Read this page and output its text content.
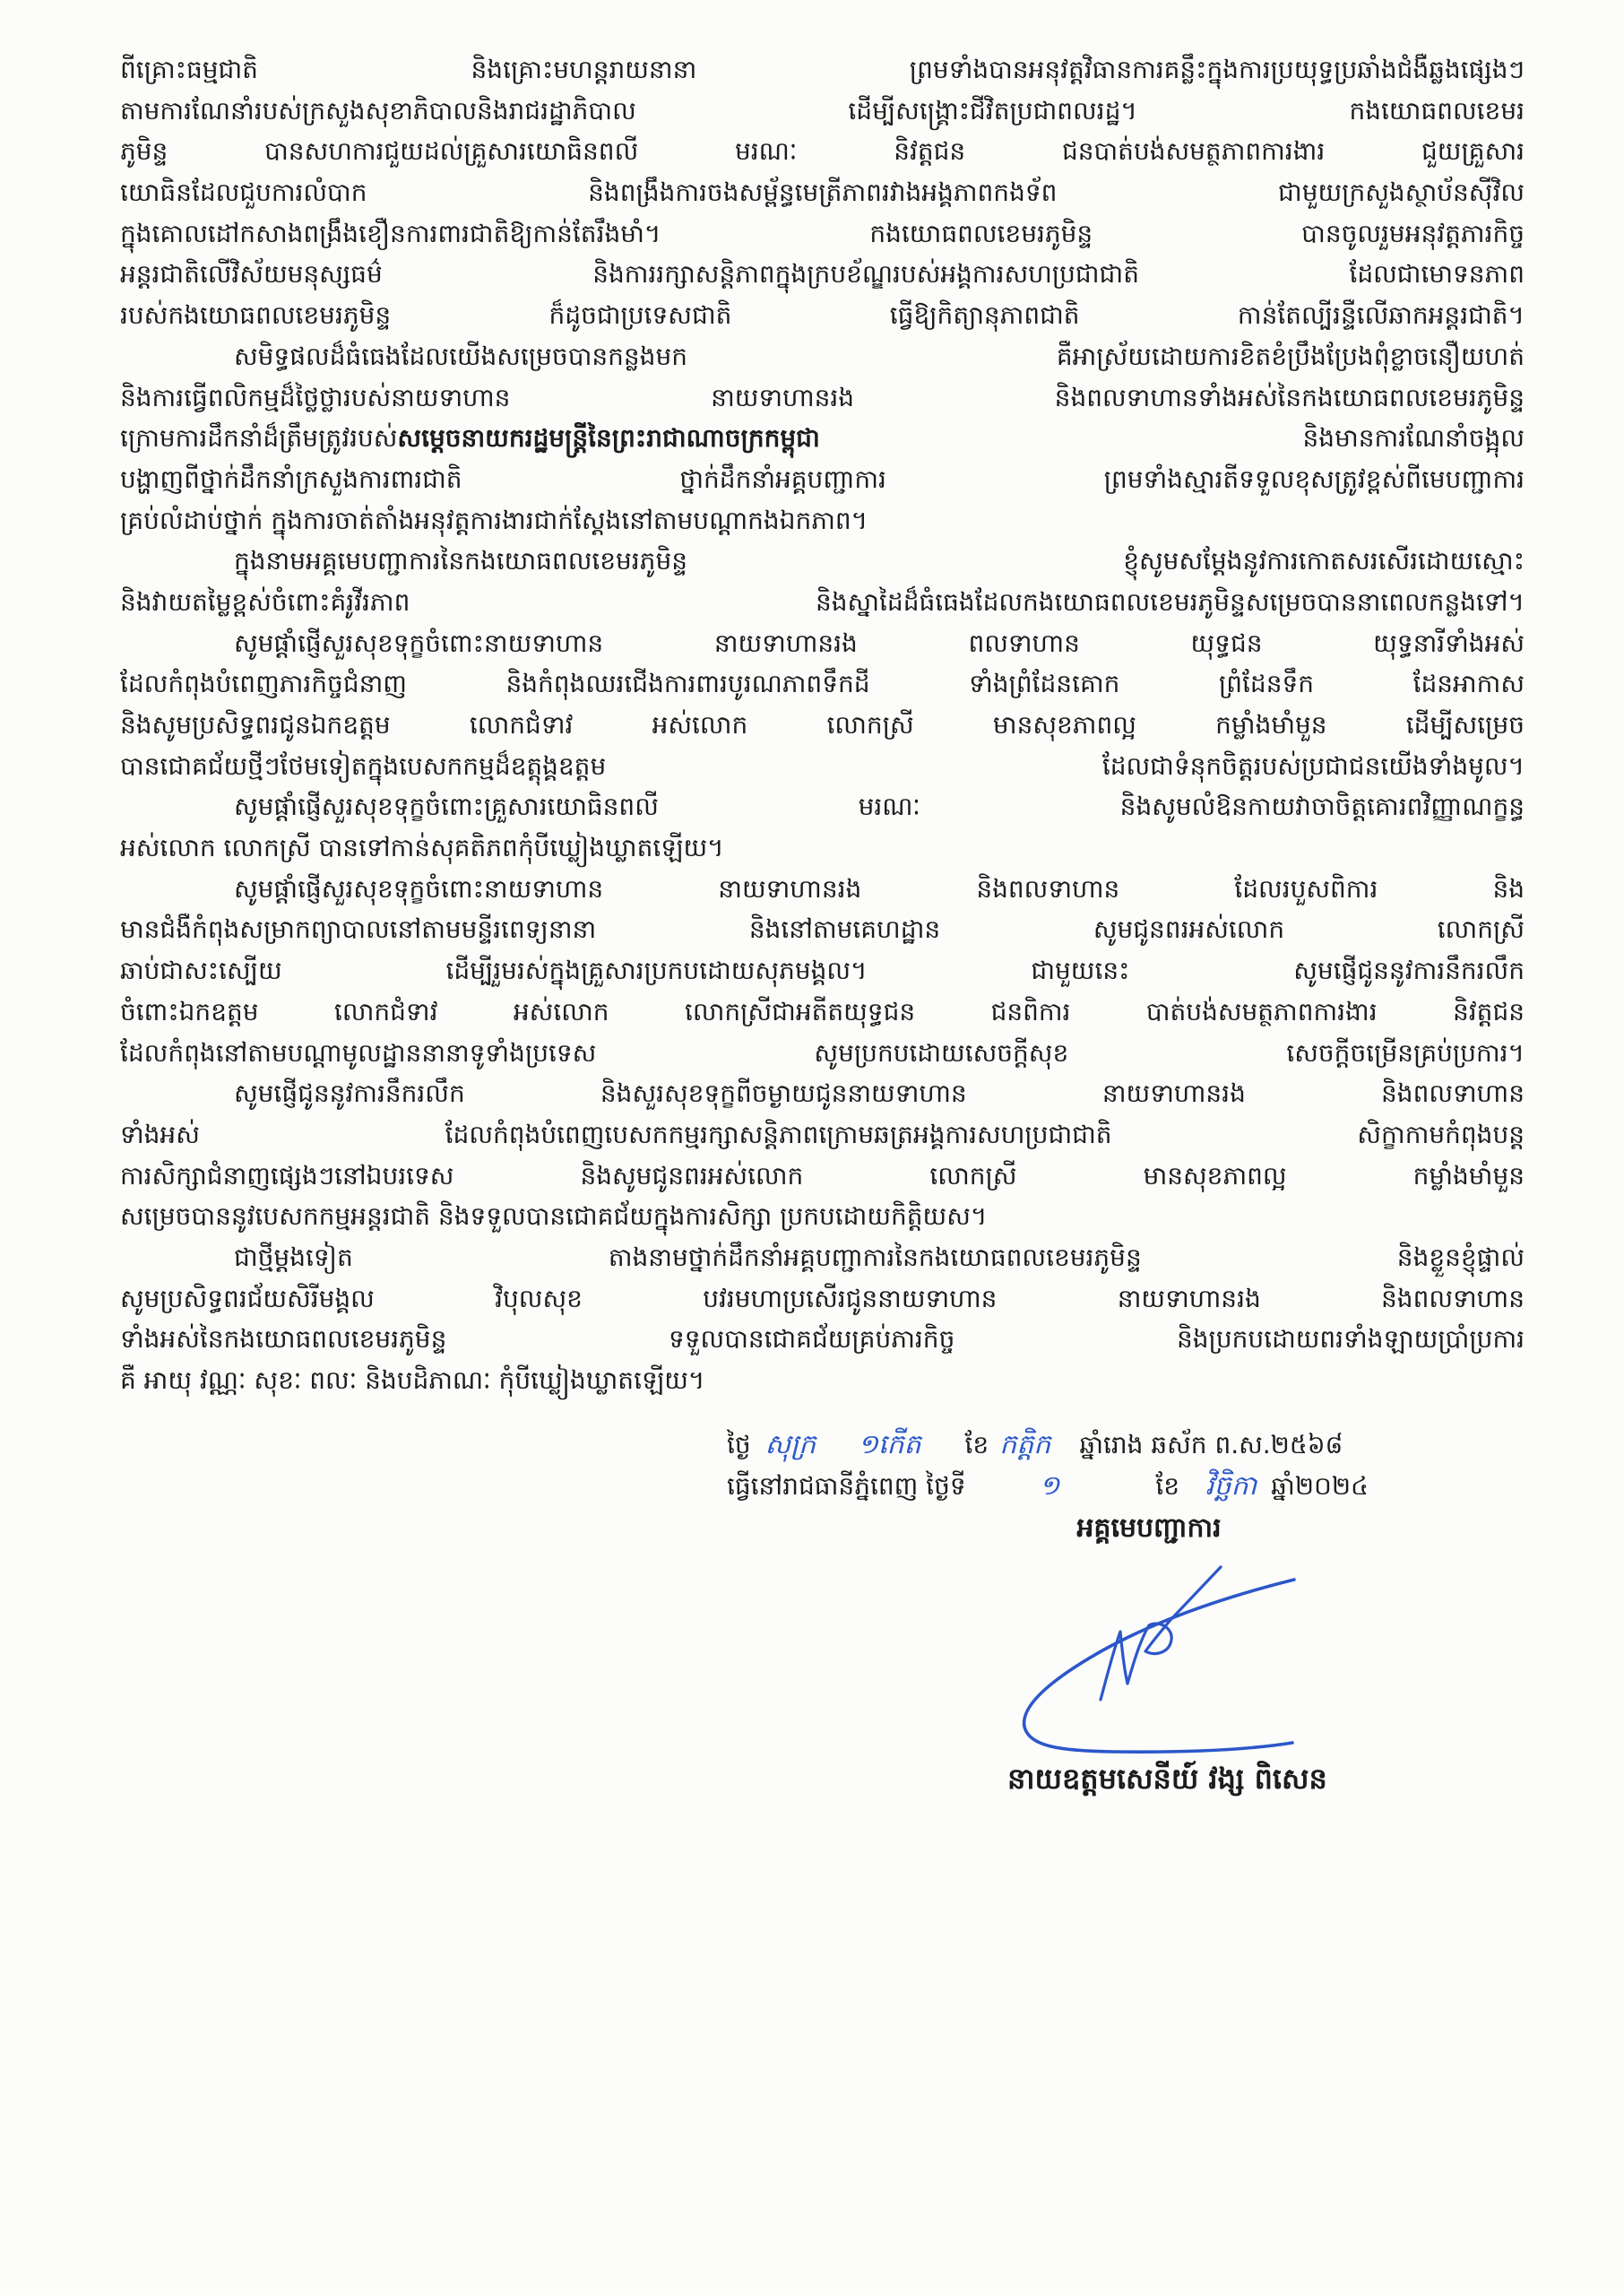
ពីគ្រោះធម្មជាតិ និងគ្រោះមហន្តរាយនានា ព្រមទាំងបានអនុវត្តវិធានការគន្លឹះក្នុងការប្រយុទ្ធប្រឆាំងជំងឺឆ្លងផ្សេងៗ
តាមការណែនាំរបស់ក្រសួងសុខាភិបាលនិងរាជរដ្ឋាភិបាល ដើម្បីសង្គ្រោះជីវិតប្រជាពលរដ្ឋ។ កងយោធពលខេមរ
ភូមិន្ទ បានសហការជួយដល់គ្រួសារយោធិនពលី មរណៈ និវត្តជន ជនបាត់បង់សមត្ថភាពការងារ ជួយគ្រួសារ
យោធិនដែលជួបការលំបាក និងពង្រឹងការចងសម្ព័ន្ធមេត្រីភាពរវាងអង្គភាពកងទ័ព ជាមួយក្រសួងស្ថាប័នស៊ីវិល
ក្នុងគោលដៅកសាងពង្រឹងខឿនការពារជាតិឱ្យកាន់តែរឹងមាំ។ កងយោធពលខេមរភូមិន្ទ បានចូលរួមអនុវត្តភារកិច្ច
អន្តរជាតិលើវិស័យមនុស្សធម៌ និងការរក្សាសន្តិភាពក្នុងក្របខ័ណ្ឌរបស់អង្គការសហប្រជាជាតិ ដែលជាមោទនភាព
របស់កងយោធពលខេមរភូមិន្ទ ក៏ដូចជាប្រទេសជាតិ ធ្វើឱ្យកិត្យានុភាពជាតិ កាន់តែល្បីរន្ទឺលើឆាកអន្តរជាតិ។
សមិទ្ធផលដ៏ធំធេងដែលយើងសម្រេចបានកន្លងមក គឺអាស្រ័យដោយការខិតខំប្រឹងប្រែងពុំខ្លាចនឿយហត់
និងការធ្វើពលិកម្មដ៏ថ្លៃថ្លារបស់នាយទាហាន នាយទាហានរង និងពលទាហានទាំងអស់នៃកងយោធពលខេមរភូមិន្ទ
ក្រោមការដឹកនាំដ៏ត្រឹមត្រូវរបស់សម្តេចនាយករដ្ឋមន្ត្រីនៃព្រះរាជាណាចក្រកម្ពុជា និងមានការណែនាំចង្អុល
បង្ហាញពីថ្នាក់ដឹកនាំក្រសួងការពារជាតិ ថ្នាក់ដឹកនាំអគ្គបញ្ជាការ ព្រមទាំងស្មារតីទទួលខុសត្រូវខ្ពស់ពីមេបញ្ជាការ
គ្រប់លំដាប់ថ្នាក់ ក្នុងការចាត់តាំងអនុវត្តការងារជាក់ស្តែងនៅតាមបណ្តាកងឯកភាព។
ក្នុងនាមអគ្គមេបញ្ជាការនៃកងយោធពលខេមរភូមិន្ទ ខ្ញុំសូមសម្តែងនូវការកោតសរសើរដោយស្មោះ
និងវាយតម្លៃខ្ពស់ចំពោះគំរូវីរភាព និងស្នាដៃដ៏ធំធេងដែលកងយោធពលខេមរភូមិន្ទសម្រេចបាននាពេលកន្លងទៅ។
សូមផ្តាំផ្ញើសួរសុខទុក្ខចំពោះនាយទាហាន នាយទាហានរង ពលទាហាន យុទ្ធជន យុទ្ធនារីទាំងអស់
ដែលកំពុងបំពេញភារកិច្ចជំនាញ និងកំពុងឈរជើងការពារបូរណភាពទឹកដី ទាំងព្រំដែនគោក ព្រំដែនទឹក ដែនអាកាស
និងសូមប្រសិទ្ធពរជូនឯកឧត្តម លោកជំទាវ អស់លោក លោកស្រី មានសុខភាពល្អ កម្លាំងមាំមួន ដើម្បីសម្រេច
បានជោគជ័យថ្មីៗថែមទៀតក្នុងបេសកកម្មដ៏ឧត្តុង្គឧត្តម ដែលជាទំនុកចិត្តរបស់ប្រជាជនយើងទាំងមូល។
សូមផ្តាំផ្ញើសួរសុខទុក្ខចំពោះគ្រួសារយោធិនពលី មរណៈ និងសូមលំឱនកាយវាចាចិត្តគោរពវិញ្ញាណក្ខន្ធ
អស់លោក លោកស្រី បានទៅកាន់សុគតិភពកុំបីឃ្លៀងឃ្លាតឡើយ។
សូមផ្តាំផ្ញើសួរសុខទុក្ខចំពោះនាយទាហាន នាយទាហានរង និងពលទាហាន ដែលរបួសពិការ និង
មានជំងឺកំពុងសម្រាកព្យាបាលនៅតាមមន្ទីរពេទ្យនានា និងនៅតាមគេហដ្ឋាន សូមជូនពរអស់លោក លោកស្រី
ឆាប់ជាសះស្បើយ ដើម្បីរួមរស់ក្នុងគ្រួសារប្រកបដោយសុភមង្គល។ ជាមួយនេះ សូមផ្ញើជូននូវការនឹករលឹក
ចំពោះឯកឧត្តម លោកជំទាវ អស់លោក លោកស្រីជាអតីតយុទ្ធជន ជនពិការ បាត់បង់សមត្ថភាពការងារ និវត្តជន
ដែលកំពុងនៅតាមបណ្តាមូលដ្ឋាននានាទូទាំងប្រទេស សូមប្រកបដោយសេចក្តីសុខ សេចក្តីចម្រើនគ្រប់ប្រការ។
សូមផ្ញើជូននូវការនឹករលឹក និងសួរសុខទុក្ខពីចម្ងាយជូននាយទាហាន នាយទាហានរង និងពលទាហាន
ទាំងអស់ ដែលកំពុងបំពេញបេសកកម្មរក្សាសន្តិភាពក្រោមឆត្រអង្គការសហប្រជាជាតិ សិក្ខាកាមកំពុងបន្ត
ការសិក្សាជំនាញផ្សេងៗនៅឯបរទេស និងសូមជូនពរអស់លោក លោកស្រី មានសុខភាពល្អ កម្លាំងមាំមួន
សម្រេចបាននូវបេសកកម្មអន្តរជាតិ និងទទួលបានជោគជ័យក្នុងការសិក្សា ប្រកបដោយកិត្តិយស។
ជាថ្មីម្តងទៀត តាងនាមថ្នាក់ដឹកនាំអគ្គបញ្ជាការនៃកងយោធពលខេមរភូមិន្ទ និងខ្លួនខ្ញុំផ្ទាល់
សូមប្រសិទ្ធពរជ័យសិរីមង្គល វិបុលសុខ បវរមហាប្រសើរជូននាយទាហាន នាយទាហានរង និងពលទាហាន
ទាំងអស់នៃកងយោធពលខេមរភូមិន្ទ ទទួលបានជោគជ័យគ្រប់ភារកិច្ច និងប្រកបដោយពរទាំងឡាយប្រាំប្រការ
គឺ អាយុ វណ្ណៈ សុខៈ ពលៈ និងបដិភាណៈ កុំបីឃ្លៀងឃ្លាតឡើយ។
ថ្ងៃ សុក្រ ១កើត ខែ កត្តិក ឆ្នាំរោង ឆស័ក ព.ស.២៥៦៨
ធ្វើនៅរាជធានីភ្នំពេញ ថ្ងៃទី	១	ខែ វិច្ឆិកា ឆ្នាំ២០២៤
អគ្គមេបញ្ជាការ
នាយឧត្តមសេនីយ៍ វង្ស ពិសេន
